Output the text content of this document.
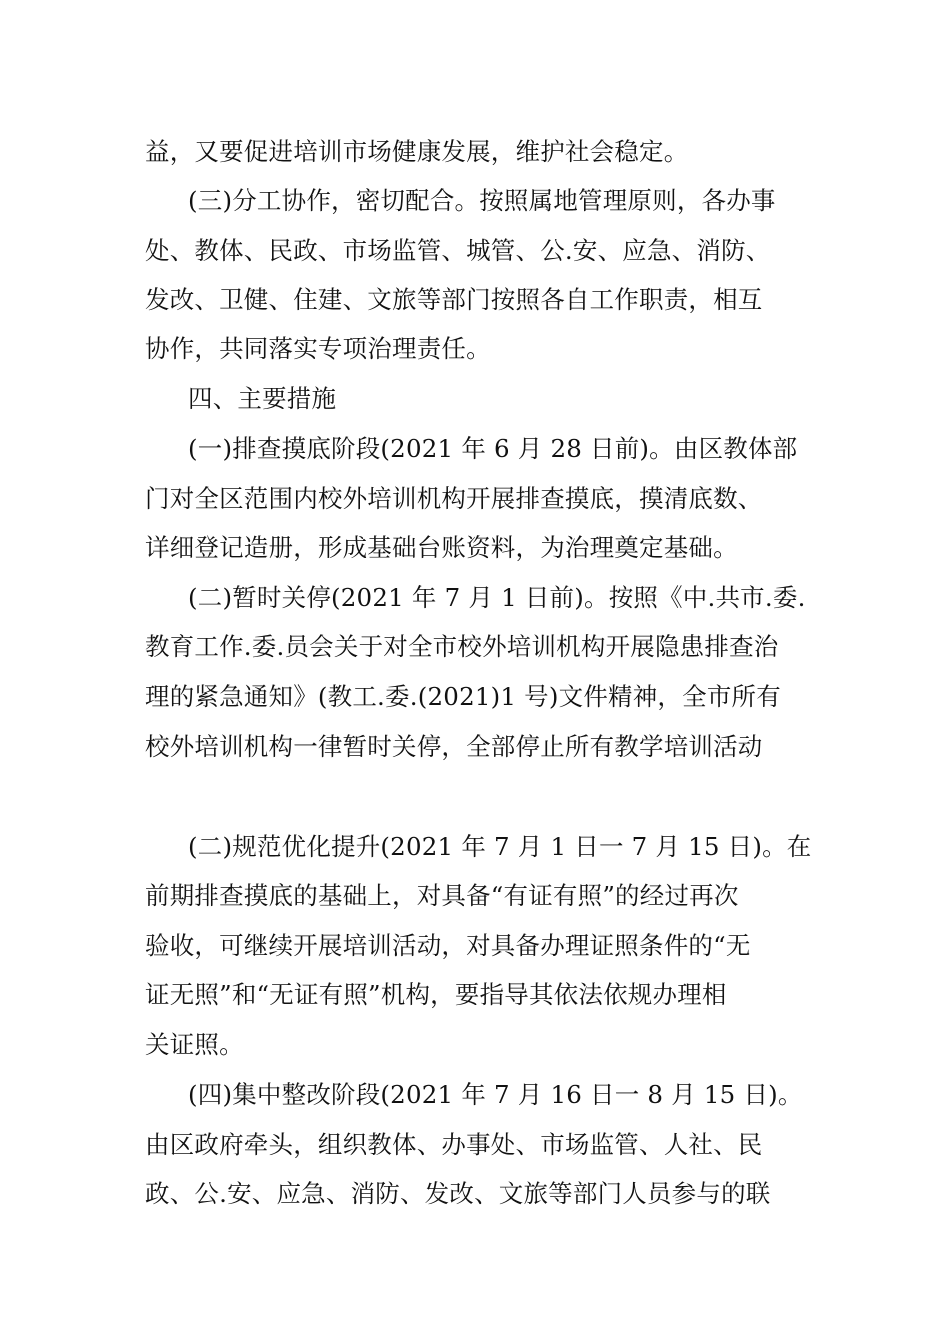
益，又要促进培训市场健康发展，维护社会稳定。
(三)分工协作，密切配合。按照属地管理原则，各办事
处、教体、民政、市场监管、城管、公.安、应急、消防、
发改、卫健、住建、文旅等部门按照各自工作职责，相互
协作，共同落实专项治理责任。
四、主要措施
(一)排查摸底阶段(2021 年 6 月 28 日前)。由区教体部
门对全区范围内校外培训机构开展排查摸底，摸清底数、
详细登记造册，形成基础台账资料，为治理奠定基础。
(二)暂时关停(2021 年 7 月 1 日前)。按照《中.共市.委.
教育工作.委.员会关于对全市校外培训机构开展隐患排查治
理的紧急通知》(教工.委.(2021)1 号)文件精神，全市所有
校外培训机构一律暂时关停，全部停止所有教学培训活动
(二)规范优化提升(2021 年 7 月 1 日一 7 月 15 日)。在
前期排查摸底的基础上，对具备“有证有照”的经过再次
验收，可继续开展培训活动，对具备办理证照条件的“无
证无照”和“无证有照”机构，要指导其依法依规办理相
关证照。
(四)集中整改阶段(2021 年 7 月 16 日一 8 月 15 日)。
由区政府牵头，组织教体、办事处、市场监管、人社、民
政、公.安、应急、消防、发改、文旅等部门人员参与的联
